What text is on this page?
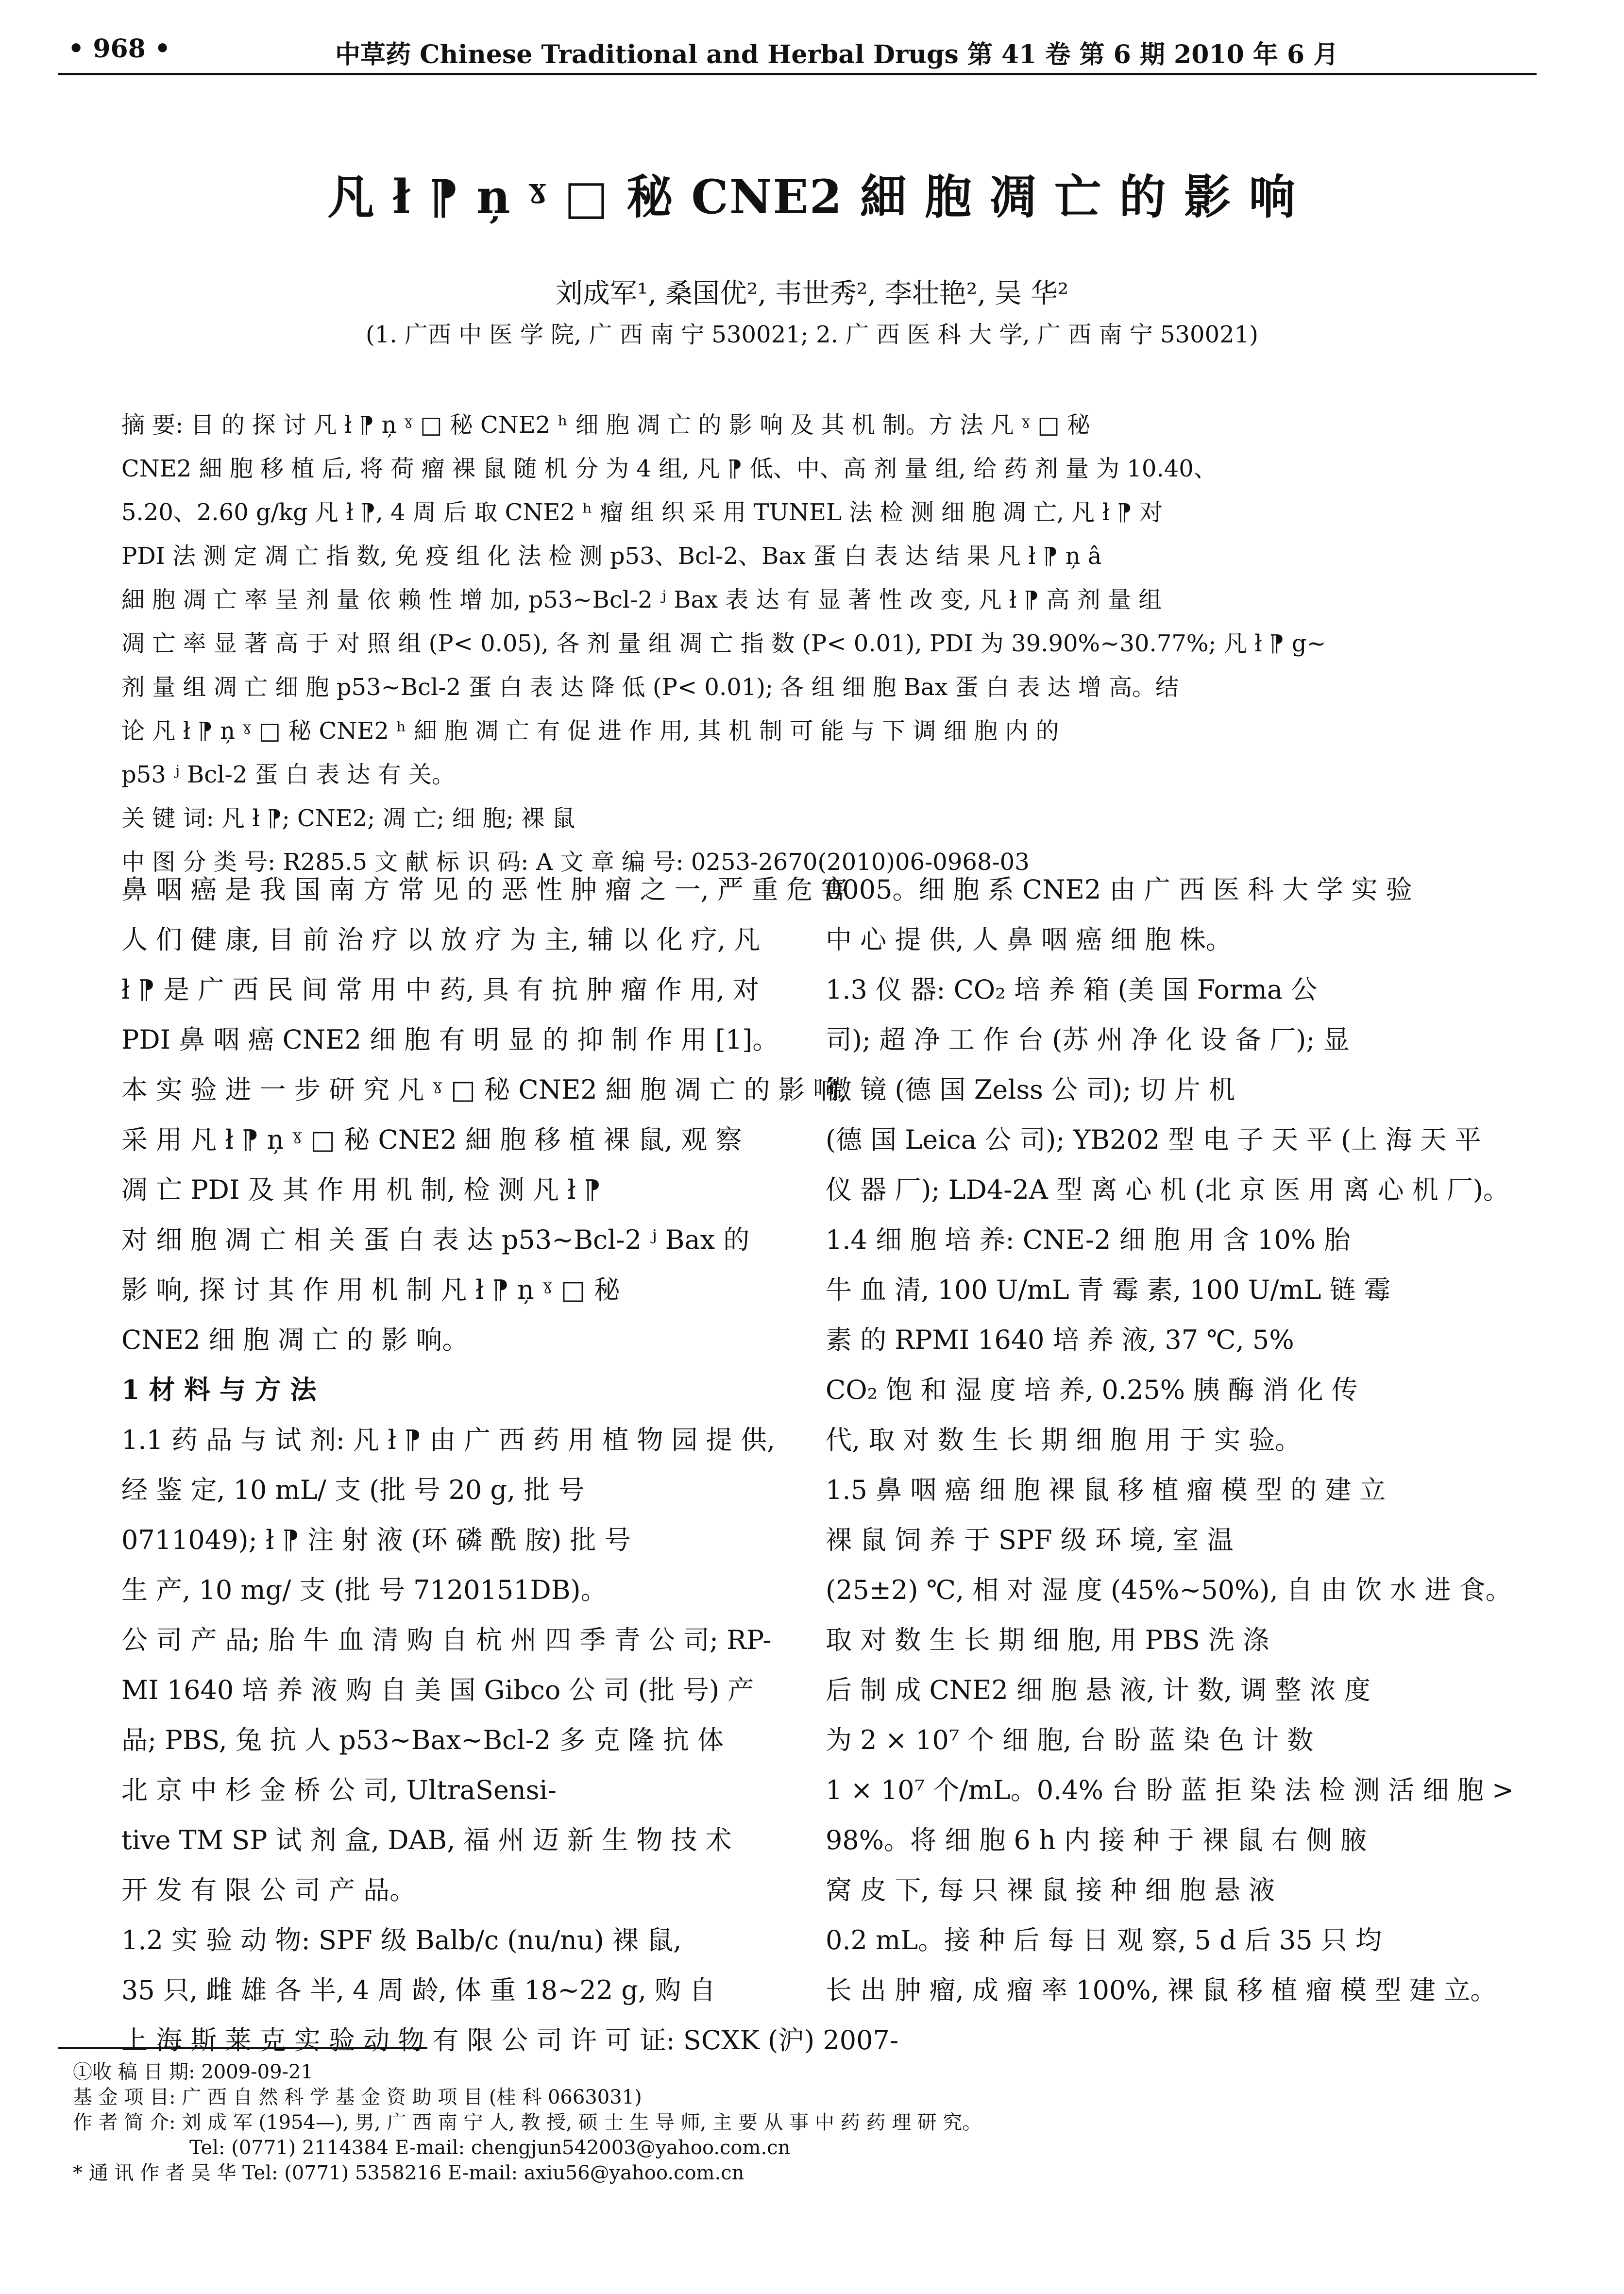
• 968 •	中草药 Chinese Traditional and Herbal Drugs 第 41 卷 第 6 期 2010 年 6 月
凡 ł ⁋ ņ ˠ □ 秘 CNE2 細 胞 凋 亡 的 影 响
刘成军¹, 桑国优², 韦世秀², 李壮艳², 吴 华²
(1. 广西 中 医 学 院, 广 西 南 宁 530021; 2. 广 西 医 科 大 学, 广 西 南 宁 530021)
摘 要: 目 的 探 讨 凡 ł ⁋ ņ ˠ □ 秘 CNE2 ʰ 细 胞 凋 亡 的 影 响 及 其 机 制。方 法 凡 ˠ □ 秘
CNE2 細 胞 移 植 后, 将 荷 瘤 裸 鼠 随 机 分 为 4 组, 凡 ⁋ 低、中、高 剂 量 组, 给 药 剂 量 为 10.40、
5.20、2.60 g/kg 凡 ł ⁋, 4 周 后 取 CNE2 ʰ 瘤 组 织 采 用 TUNEL 法 检 测 细 胞 凋 亡, 凡 ł ⁋ 对
PDI 法 测 定 凋 亡 指 数, 免 疫 组 化 法 检 测 p53、Bcl-2、Bax 蛋 白 表 达 结 果 凡 ł ⁋ ņ â
細 胞 凋 亡 率 呈 剂 量 依 赖 性 增 加, p53~Bcl-2 ʲ Bax 表 达 有 显 著 性 改 变, 凡 ł ⁋ 高 剂 量 组
凋 亡 率 显 著 高 于 对 照 组 (P< 0.05), 各 剂 量 组 凋 亡 指 数 (P< 0.01), PDI 为 39.90%~30.77%; 凡 ł ⁋ g~
剂 量 组 凋 亡 细 胞 p53~Bcl-2 蛋 白 表 达 降 低 (P< 0.01); 各 组 细 胞 Bax 蛋 白 表 达 增 高。结
论 凡 ł ⁋ ņ ˠ □ 秘 CNE2 ʰ 細 胞 凋 亡 有 促 进 作 用, 其 机 制 可 能 与 下 调 细 胞 内 的
p53 ʲ Bcl-2 蛋 白 表 达 有 关。
关 键 词: 凡 ł ⁋; CNE2; 凋 亡; 细 胞; 裸 鼠
中 图 分 类 号: R285.5 文 献 标 识 码: A 文 章 编 号: 0253-2670(2010)06-0968-03
鼻 咽 癌 是 我 国 南 方 常 见 的 恶 性 肿 瘤 之 一, 严 重 危 害
人 们 健 康, 目 前 治 疗 以 放 疗 为 主, 辅 以 化 疗, 凡
ł ⁋ 是 广 西 民 间 常 用 中 药, 具 有 抗 肿 瘤 作 用, 对
PDI 鼻 咽 癌 CNE2 细 胞 有 明 显 的 抑 制 作 用 [1]。
本 实 验 进 一 步 研 究 凡 ˠ □ 秘 CNE2 細 胞 凋 亡 的 影 响,
采 用 凡 ł ⁋ ņ ˠ □ 秘 CNE2 細 胞 移 植 裸 鼠, 观 察
凋 亡 PDI 及 其 作 用 机 制, 检 测 凡 ł ⁋
对 细 胞 凋 亡 相 关 蛋 白 表 达 p53~Bcl-2 ʲ Bax 的
影 响, 探 讨 其 作 用 机 制 凡 ł ⁋ ņ ˠ □ 秘
CNE2 细 胞 凋 亡 的 影 响。
1 材 料 与 方 法
1.1 药 品 与 试 剂: 凡 ł ⁋ 由 广 西 药 用 植 物 园 提 供,
经 鉴 定, 10 mL/ 支 (批 号 20 g, 批 号
0711049); ł ⁋ 注 射 液 (环 磷 酰 胺) 批 号
生 产, 10 mg/ 支 (批 号 7120151DB)。
公 司 产 品; 胎 牛 血 清 购 自 杭 州 四 季 青 公 司; RP-
MI 1640 培 养 液 购 自 美 国 Gibco 公 司 (批 号) 产
品; PBS, 兔 抗 人 p53~Bax~Bcl-2 多 克 隆 抗 体
北 京 中 杉 金 桥 公 司, UltraSensi-
tive TM SP 试 剂 盒, DAB, 福 州 迈 新 生 物 技 术
开 发 有 限 公 司 产 品。
1.2 实 验 动 物: SPF 级 Balb/c (nu/nu) 裸 鼠,
35 只, 雌 雄 各 半, 4 周 龄, 体 重 18~22 g, 购 自
上 海 斯 莱 克 实 验 动 物 有 限 公 司 许 可 证: SCXK (沪) 2007-
0005。细 胞 系 CNE2 由 广 西 医 科 大 学 实 验
中 心 提 供, 人 鼻 咽 癌 细 胞 株。
1.3 仪 器: CO₂ 培 养 箱 (美 国 Forma 公
司); 超 净 工 作 台 (苏 州 净 化 设 备 厂); 显
微 镜 (德 国 Zelss 公 司); 切 片 机
(德 国 Leica 公 司); YB202 型 电 子 天 平 (上 海 天 平
仪 器 厂); LD4-2A 型 离 心 机 (北 京 医 用 离 心 机 厂)。
1.4 细 胞 培 养: CNE-2 细 胞 用 含 10% 胎
牛 血 清, 100 U/mL 青 霉 素, 100 U/mL 链 霉
素 的 RPMI 1640 培 养 液, 37 ℃, 5%
CO₂ 饱 和 湿 度 培 养, 0.25% 胰 酶 消 化 传
代, 取 对 数 生 长 期 细 胞 用 于 实 验。
1.5 鼻 咽 癌 细 胞 裸 鼠 移 植 瘤 模 型 的 建 立
裸 鼠 饲 养 于 SPF 级 环 境, 室 温
(25±2) ℃, 相 对 湿 度 (45%~50%), 自 由 饮 水 进 食。
取 对 数 生 长 期 细 胞, 用 PBS 洗 涤
后 制 成 CNE2 细 胞 悬 液, 计 数, 调 整 浓 度
为 2 × 10⁷ 个 细 胞, 台 盼 蓝 染 色 计 数
1 × 10⁷ 个/mL。0.4% 台 盼 蓝 拒 染 法 检 测 活 细 胞 >
98%。将 细 胞 6 h 内 接 种 于 裸 鼠 右 侧 腋
窝 皮 下, 每 只 裸 鼠 接 种 细 胞 悬 液
0.2 mL。接 种 后 每 日 观 察, 5 d 后 35 只 均
长 出 肿 瘤, 成 瘤 率 100%, 裸 鼠 移 植 瘤 模 型 建 立。
①收 稿 日 期: 2009-09-21
基 金 项 目: 广 西 自 然 科 学 基 金 资 助 项 目 (桂 科 0663031)
作 者 简 介: 刘 成 军 (1954—), 男, 广 西 南 宁 人, 教 授, 硕 士 生 导 师, 主 要 从 事 中 药 药 理 研 究。
Tel: (0771) 2114384 E-mail: chengjun542003@yahoo.com.cn
* 通 讯 作 者 吴 华 Tel: (0771) 5358216 E-mail: axiu56@yahoo.com.cn
